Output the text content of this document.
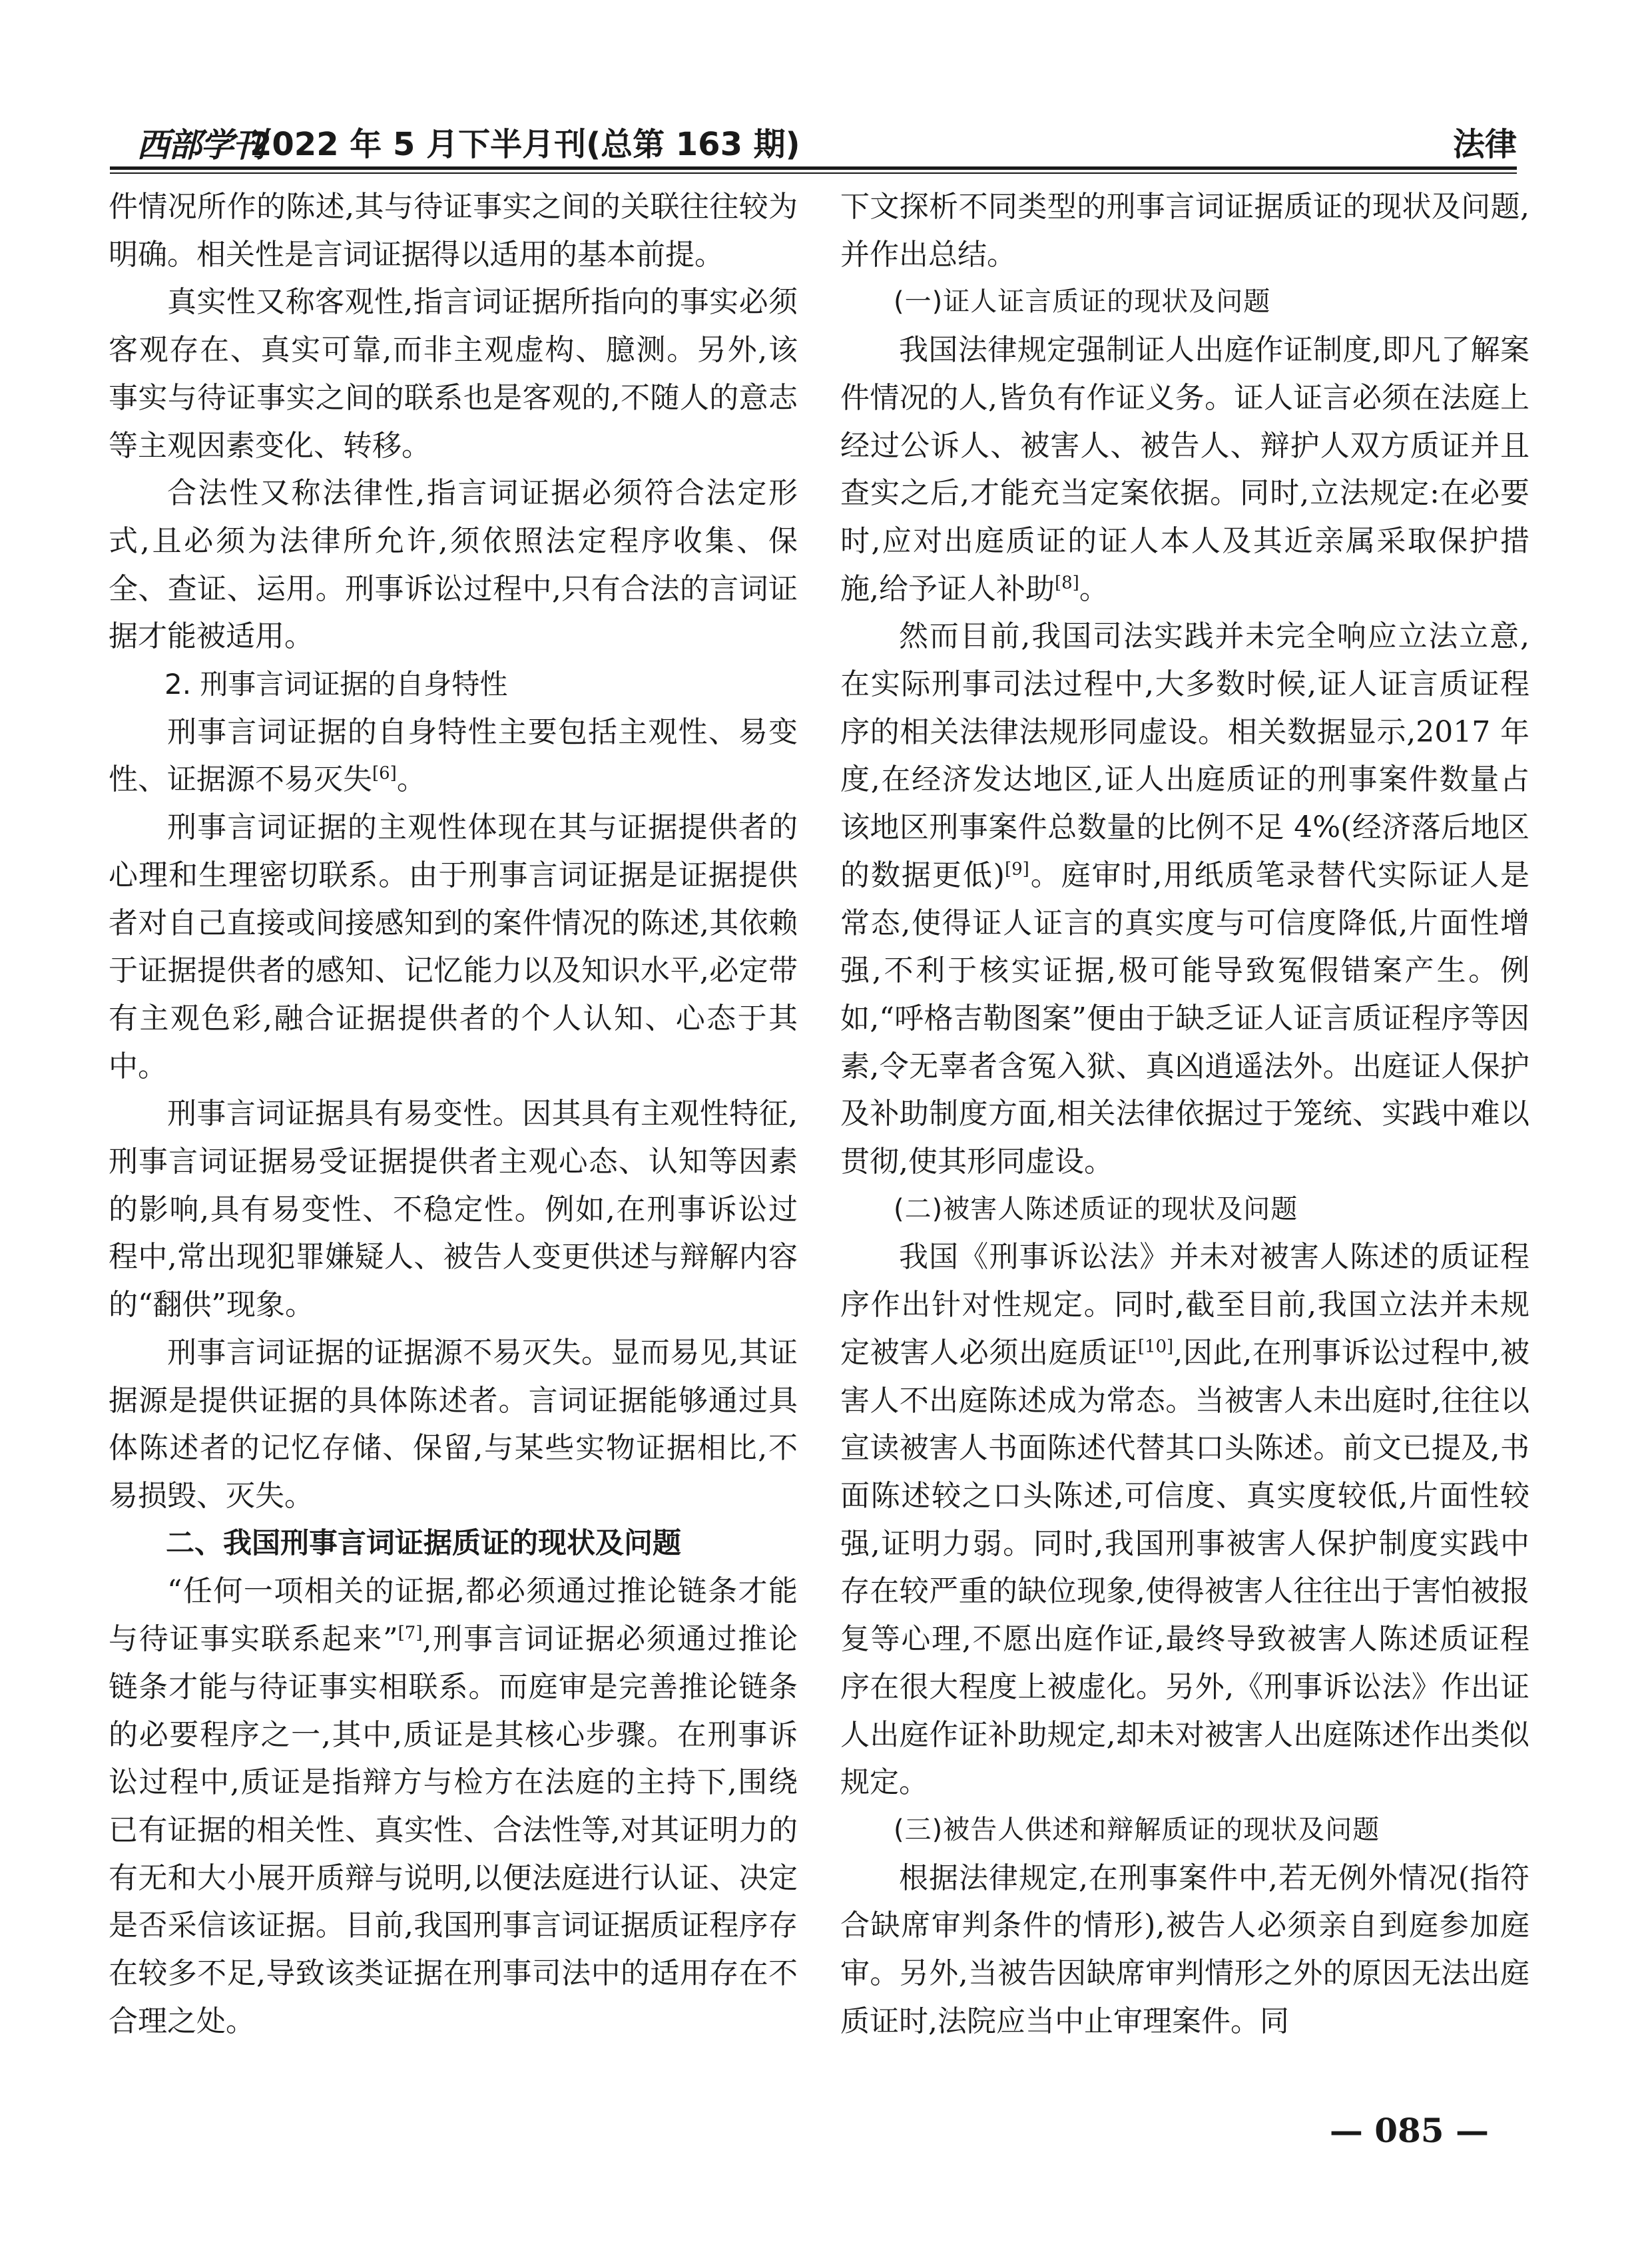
西部学刊
2022 年 5 月下半月刊(总第 163 期)	法律

件情况所作的陈述,其与待证事实之间的关联往往较为明确。相关性是言词证据得以适用的基本前提。

真实性又称客观性,指言词证据所指向的事实必须客观存在、真实可靠,而非主观虚构、臆测。另外,该事实与待证事实之间的联系也是客观的,不随人的意志等主观因素变化、转移。

合法性又称法律性,指言词证据必须符合法定形式,且必须为法律所允许,须依照法定程序收集、保全、查证、运用。刑事诉讼过程中,只有合法的言词证据才能被适用。

2. 刑事言词证据的自身特性

刑事言词证据的自身特性主要包括主观性、易变性、证据源不易灭失[6]。

刑事言词证据的主观性体现在其与证据提供者的心理和生理密切联系。由于刑事言词证据是证据提供者对自己直接或间接感知到的案件情况的陈述,其依赖于证据提供者的感知、记忆能力以及知识水平,必定带有主观色彩,融合证据提供者的个人认知、心态于其中。

刑事言词证据具有易变性。因其具有主观性特征,刑事言词证据易受证据提供者主观心态、认知等因素的影响,具有易变性、不稳定性。例如,在刑事诉讼过程中,常出现犯罪嫌疑人、被告人变更供述与辩解内容的“翻供”现象。

刑事言词证据的证据源不易灭失。显而易见,其证据源是提供证据的具体陈述者。言词证据能够通过具体陈述者的记忆存储、保留,与某些实物证据相比,不易损毁、灭失。

二、我国刑事言词证据质证的现状及问题

“任何一项相关的证据,都必须通过推论链条才能与待证事实联系起来”[7],刑事言词证据必须通过推论链条才能与待证事实相联系。而庭审是完善推论链条的必要程序之一,其中,质证是其核心步骤。在刑事诉讼过程中,质证是指辩方与检方在法庭的主持下,围绕已有证据的相关性、真实性、合法性等,对其证明力的有无和大小展开质辩与说明,以便法庭进行认证、决定是否采信该证据。目前,我国刑事言词证据质证程序存在较多不足,导致该类证据在刑事司法中的适用存在不合理之处。

下文探析不同类型的刑事言词证据质证的现状及问题,并作出总结。

(一)证人证言质证的现状及问题

我国法律规定强制证人出庭作证制度,即凡了解案件情况的人,皆负有作证义务。证人证言必须在法庭上经过公诉人、被害人、被告人、辩护人双方质证并且查实之后,才能充当定案依据。同时,立法规定:在必要时,应对出庭质证的证人本人及其近亲属采取保护措施,给予证人补助[8]。

然而目前,我国司法实践并未完全响应立法立意,在实际刑事司法过程中,大多数时候,证人证言质证程序的相关法律法规形同虚设。相关数据显示,2017 年度,在经济发达地区,证人出庭质证的刑事案件数量占该地区刑事案件总数量的比例不足 4%(经济落后地区的数据更低)[9]。庭审时,用纸质笔录替代实际证人是常态,使得证人证言的真实度与可信度降低,片面性增强,不利于核实证据,极可能导致冤假错案产生。例如,“呼格吉勒图案”便由于缺乏证人证言质证程序等因素,令无辜者含冤入狱、真凶逍遥法外。出庭证人保护及补助制度方面,相关法律依据过于笼统、实践中难以贯彻,使其形同虚设。

(二)被害人陈述质证的现状及问题

我国《刑事诉讼法》并未对被害人陈述的质证程序作出针对性规定。同时,截至目前,我国立法并未规定被害人必须出庭质证[10],因此,在刑事诉讼过程中,被害人不出庭陈述成为常态。当被害人未出庭时,往往以宣读被害人书面陈述代替其口头陈述。前文已提及,书面陈述较之口头陈述,可信度、真实度较低,片面性较强,证明力弱。同时,我国刑事被害人保护制度实践中存在较严重的缺位现象,使得被害人往往出于害怕被报复等心理,不愿出庭作证,最终导致被害人陈述质证程序在很大程度上被虚化。另外,《刑事诉讼法》作出证人出庭作证补助规定,却未对被害人出庭陈述作出类似规定。

(三)被告人供述和辩解质证的现状及问题

根据法律规定,在刑事案件中,若无例外情况(指符合缺席审判条件的情形),被告人必须亲自到庭参加庭审。另外,当被告因缺席审判情形之外的原因无法出庭质证时,法院应当中止审理案件。同

— 085 —
